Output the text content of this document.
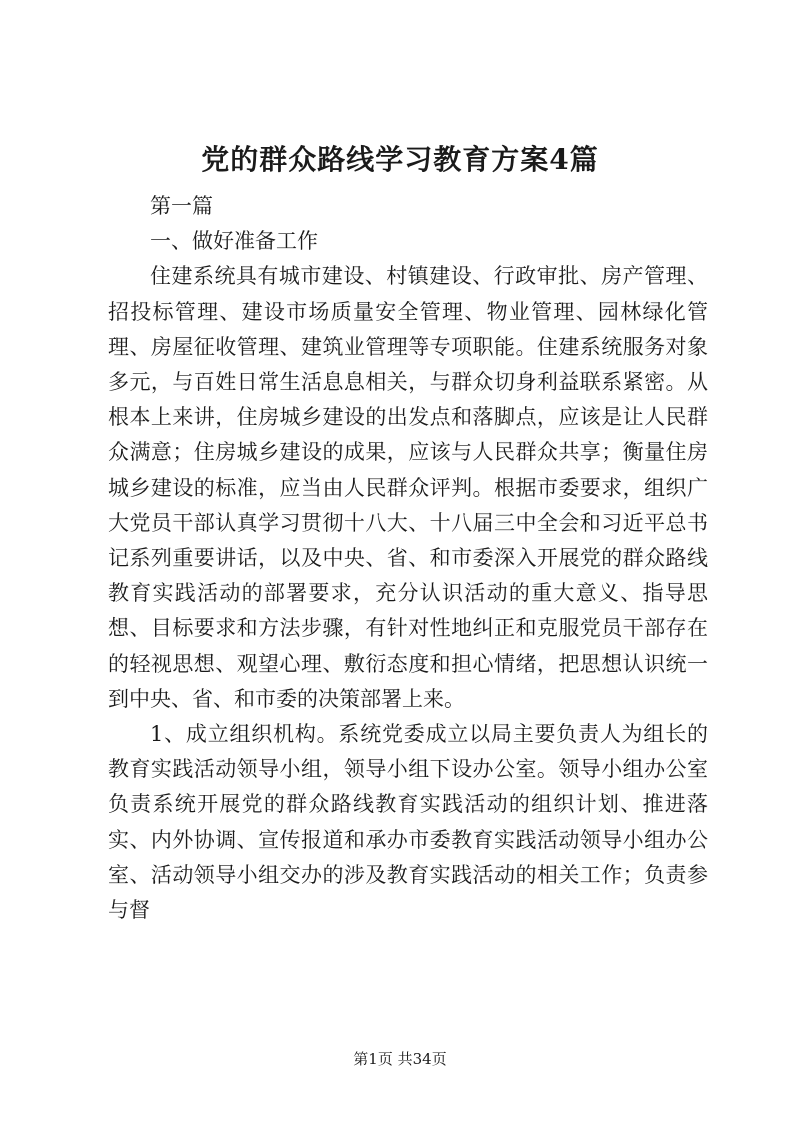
党的群众路线学习教育方案4篇

第一篇

一、做好准备工作

住建系统具有城市建设、村镇建设、行政审批、房产管理、招投标管理、建设市场质量安全管理、物业管理、园林绿化管理、房屋征收管理、建筑业管理等专项职能。住建系统服务对象多元，与百姓日常生活息息相关，与群众切身利益联系紧密。从根本上来讲，住房城乡建设的出发点和落脚点，应该是让人民群众满意；住房城乡建设的成果，应该与人民群众共享；衡量住房城乡建设的标准，应当由人民群众评判。根据市委要求，组织广大党员干部认真学习贯彻十八大、十八届三中全会和习近平总书记系列重要讲话，以及中央、省、和市委深入开展党的群众路线教育实践活动的部署要求，充分认识活动的重大意义、指导思想、目标要求和方法步骤，有针对性地纠正和克服党员干部存在的轻视思想、观望心理、敷衍态度和担心情绪，把思想认识统一到中央、省、和市委的决策部署上来。

1、成立组织机构。系统党委成立以局主要负责人为组长的教育实践活动领导小组，领导小组下设办公室。领导小组办公室负责系统开展党的群众路线教育实践活动的组织计划、推进落实、内外协调、宣传报道和承办市委教育实践活动领导小组办公室、活动领导小组交办的涉及教育实践活动的相关工作；负责参与督

第1页 共34页
